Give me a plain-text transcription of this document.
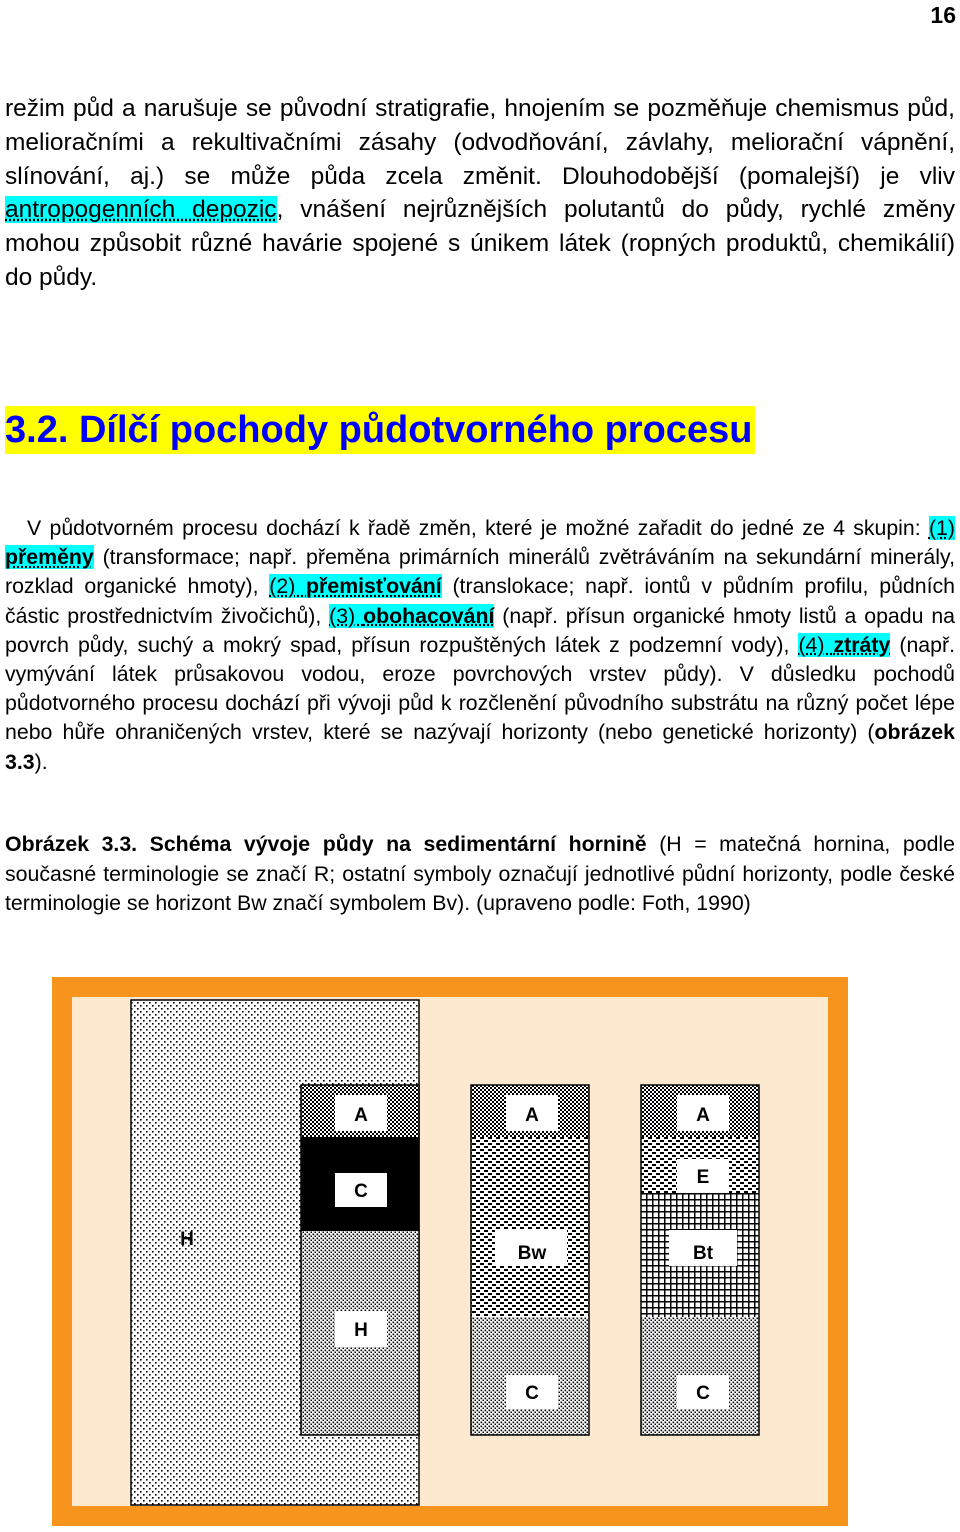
16

režim půd a narušuje se původní stratigrafie, hnojením se pozměňuje chemismus půd, melioračními a rekultivačními zásahy (odvodňování, závlahy, meliorační vápnění, slínování, aj.) se může půda zcela změnit. Dlouhodobější (pomalejší) je vliv antropogenních depozic, vnášení nejrůznějších polutantů do půdy, rychlé změny mohou způsobit různé havárie spojené s únikem látek (ropných produktů, chemikálií) do půdy.

3.2. Dílčí pochody půdotvorného procesu

V půdotvorném procesu dochází k řadě změn, které je možné zařadit do jedné ze 4 skupin: (1) přeměny (transformace; např. přeměna primárních minerálů zvětráváním na sekundární minerály, rozklad organické hmoty), (2) přemisťování (translokace; např. iontů v půdním profilu, půdních částic prostřednictvím živočichů), (3) obohacování (např. přísun organické hmoty listů a opadu na povrch půdy, suchý a mokrý spad, přísun rozpuštěných látek z podzemní vody), (4) ztráty (např. vymývání látek průsakovou vodou, eroze povrchových vrstev půdy). V důsledku pochodů půdotvorného procesu dochází při vývoji půd k rozčlenění původního substrátu na různý počet lépe nebo hůře ohraničených vrstev, které se nazývají horizonty (nebo genetické horizonty) (obrázek 3.3).

Obrázek 3.3. Schéma vývoje půdy na sedimentární hornině (H = matečná hornina, podle současné terminologie se značí R; ostatní symboly označují jednotlivé půdní horizonty, podle české terminologie se horizont Bw značí symbolem Bv). (upraveno podle: Foth, 1990)

H
A
C
H
A
Bw
C
A
E
Bt
C
